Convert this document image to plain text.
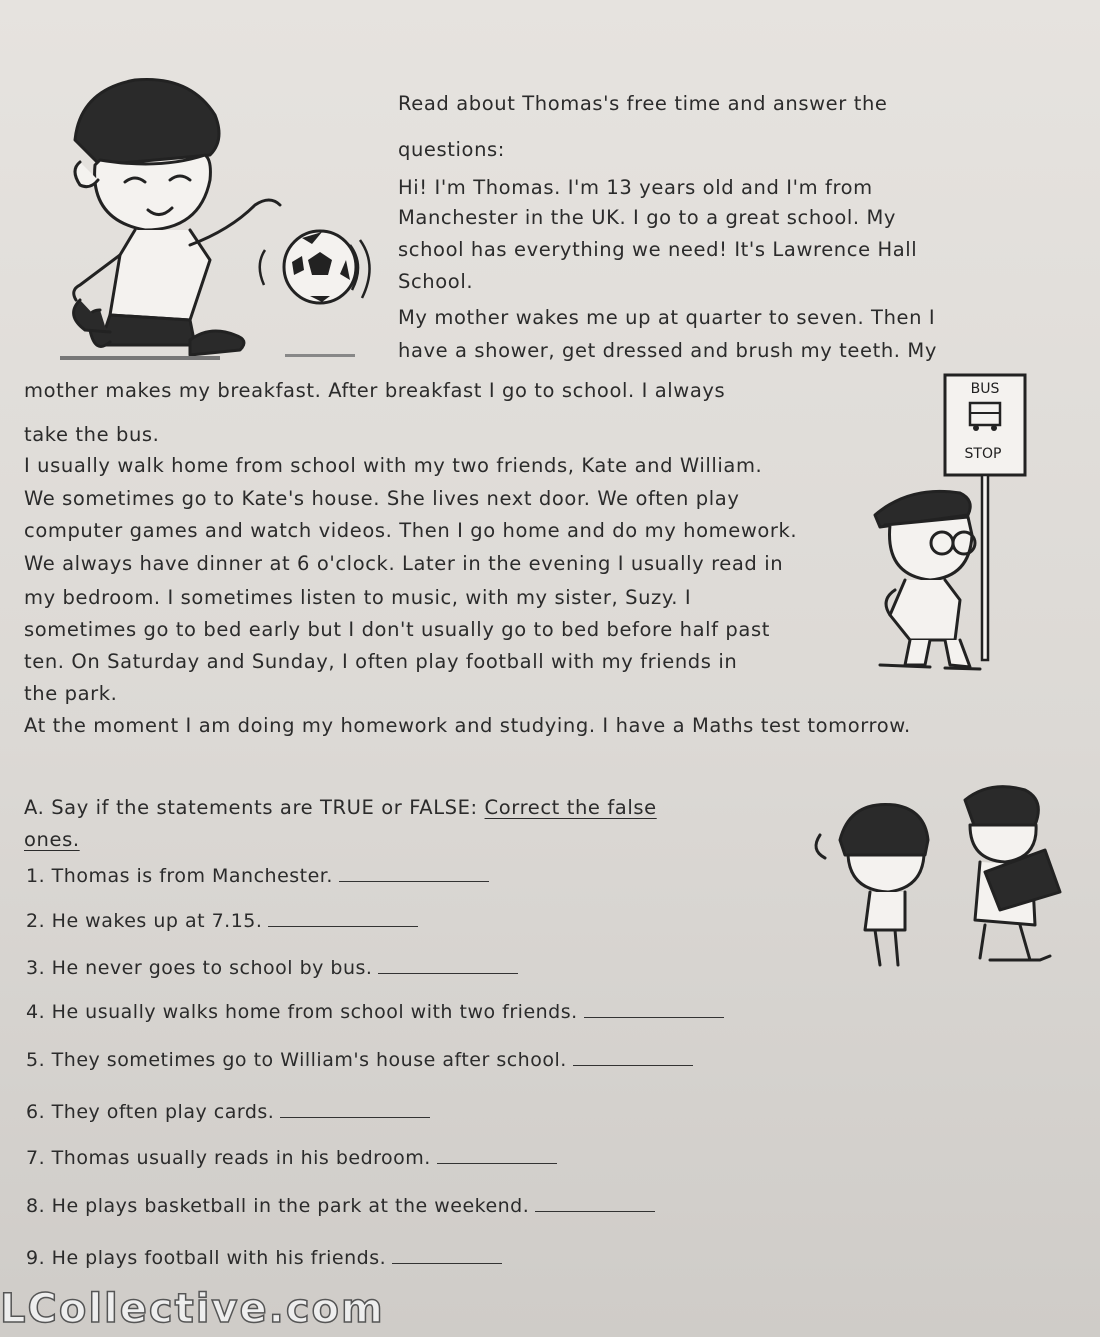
BUS
STOP
Read about Thomas's free time and answer the
questions:
Hi! I'm Thomas. I'm 13 years old and I'm from
Manchester in the UK. I go to a great school. My
school has everything we need! It's Lawrence Hall
School.
My mother wakes me up at quarter to seven. Then I
have a shower, get dressed and brush my teeth. My
mother makes my breakfast. After breakfast I go to school. I always
take the bus.
I usually walk home from school with my two friends, Kate and William.
We sometimes go to Kate's house. She lives next door. We often play
computer games and watch videos. Then I go home and do my homework.
We always have dinner at 6 o'clock. Later in the evening I usually read in
my bedroom. I sometimes listen to music, with my sister, Suzy. I
sometimes go to bed early but I don't usually go to bed before half past
ten. On Saturday and Sunday, I often play football with my friends in
the park.
At the moment I am doing my homework and studying. I have a Maths test tomorrow.
A. Say if the statements are TRUE or FALSE: Correct the false
ones.
1. Thomas is from Manchester.
2. He wakes up at 7.15.
3. He never goes to school by bus.
4. He usually walks home from school with two friends.
5. They sometimes go to William's house after school.
6. They often play cards.
7. Thomas usually reads in his bedroom.
8. He plays basketball in the park at the weekend.
9. He plays football with his friends.
LCollective.com
